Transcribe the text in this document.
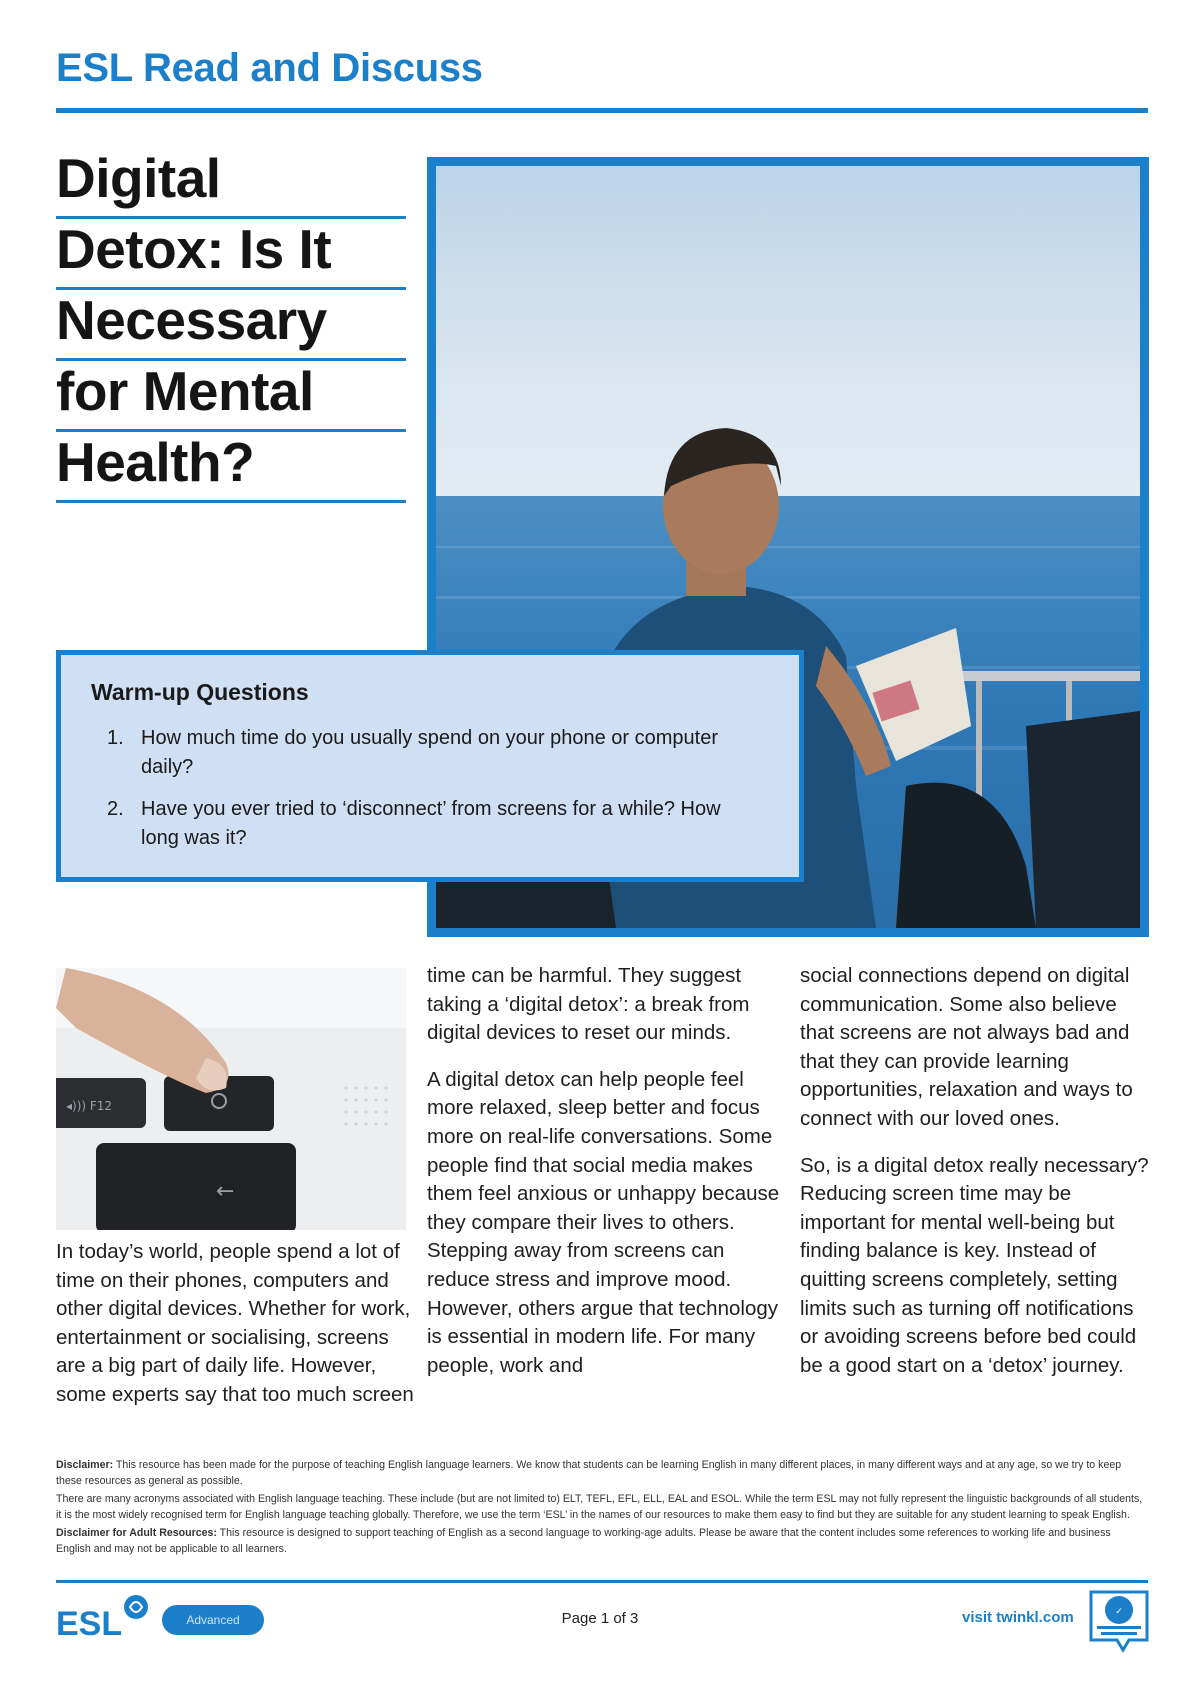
ESL Read and Discuss
Digital
Detox: Is It
Necessary
for Mental
Health?
Warm-up Questions
1. How much time do you usually spend on your phone or computer daily?
2. Have you ever tried to ‘disconnect’ from screens for a while? How long was it?
◂))) F12
←

In today’s world, people spend a lot of time on their phones, computers and other digital devices. Whether for work, entertainment or socialising, screens are a big part of daily life. However, some experts say that too much screen

time can be harmful. They suggest taking a ‘digital detox’: a break from digital devices to reset our minds.

A digital detox can help people feel more relaxed, sleep better and focus more on real-life conversations. Some people find that social media makes them feel anxious or unhappy because they compare their lives to others. Stepping away from screens can reduce stress and improve mood. However, others argue that technology is essential in modern life. For many people, work and

social connections depend on digital communication. Some also believe that screens are not always bad and that they can provide learning opportunities, relaxation and ways to connect with our loved ones.

So, is a digital detox really necessary? Reducing screen time may be important for mental well-being but finding balance is key. Instead of quitting screens completely, setting limits such as turning off notifications or avoiding screens before bed could be a good start on a ‘detox’ journey.

Disclaimer: This resource has been made for the purpose of teaching English language learners. We know that students can be learning English in many different places, in many different ways and at any age, so we try to keep these resources as general as possible.

There are many acronyms associated with English language teaching. These include (but are not limited to) ELT, TEFL, EFL, ELL, EAL and ESOL. While the term ESL may not fully represent the linguistic backgrounds of all students, it is the most widely recognised term for English language teaching globally. Therefore, we use the term ‘ESL’ in the names of our resources to make them easy to find but they are suitable for any student learning to speak English.

Disclaimer for Adult Resources: This resource is designed to support teaching of English as a second language to working-age adults. Please be aware that the content includes some references to working life and business English and may not be applicable to all learners.

ESL	Advanced	Page 1 of 3	visit twinkl.com	✓
